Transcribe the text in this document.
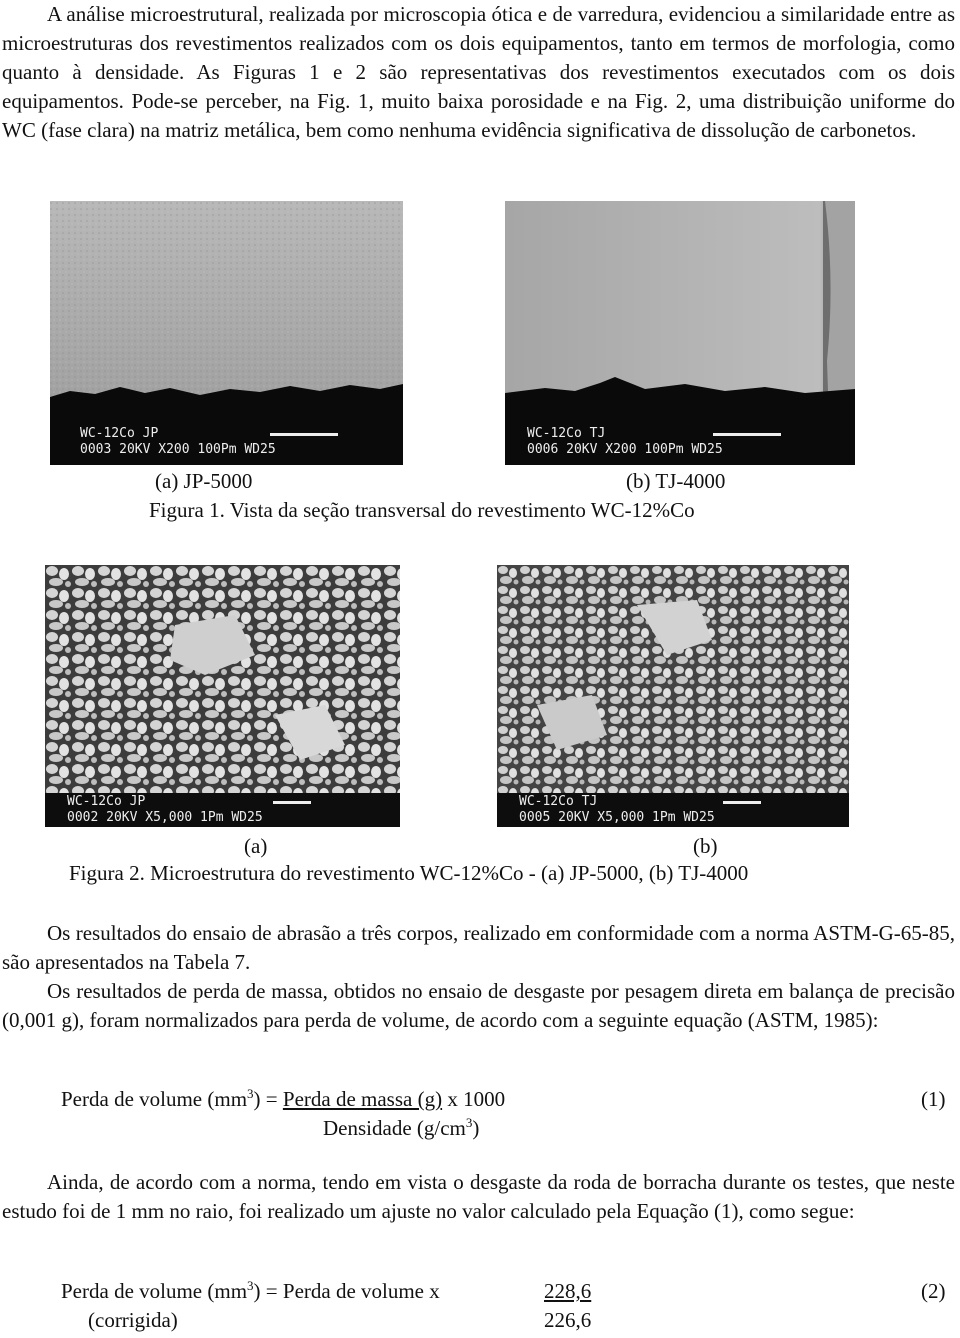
A análise microestrutural, realizada por microscopia ótica e de varredura, evidenciou a similaridade entre as microestruturas dos revestimentos realizados com os dois equipamentos, tanto em termos de morfologia, como quanto à densidade. As Figuras 1 e 2 são representativas dos revestimentos executados com os dois equipamentos. Pode-se perceber, na Fig. 1, muito baixa porosidade e na Fig. 2, uma distribuição uniforme do WC (fase clara) na matriz metálica, bem como nenhuma evidência significativa de dissolução de carbonetos.

WC-12Co JP
0003 20KV X200 100Pm WD25
WC-12Co TJ
0006 20KV X200 100Pm WD25
(a) JP-5000	(b) TJ-4000
Figura 1. Vista da seção transversal do revestimento WC-12%Co
WC-12Co JP
0002 20KV X5,000 1Pm WD25
WC-12Co TJ
0005 20KV X5,000 1Pm WD25
(a)	(b)
Figura 2. Microestrutura do revestimento WC-12%Co - (a) JP-5000, (b) TJ-4000

Os resultados do ensaio de abrasão a três corpos, realizado em conformidade com a norma ASTM-G-65-85, são apresentados na Tabela 7.

Os resultados de perda de massa, obtidos no ensaio de desgaste por pesagem direta em balança de precisão (0,001 g), foram normalizados para perda de volume, de acordo com a seguinte equação (ASTM, 1985):

Perda de volume $(mm^3)$ = Perda de massa (g) x 1000
Densidade $(g/cm^3)$
(1)

Ainda, de acordo com a norma, tendo em vista o desgaste da roda de borracha durante os testes, que neste estudo foi de 1 mm no raio, foi realizado um ajuste no valor calculado pela Equação (1), como segue:

Perda de volume $(mm^3)$ = Perda de volume x	228,6
(corrigida)	226,6
(2)
